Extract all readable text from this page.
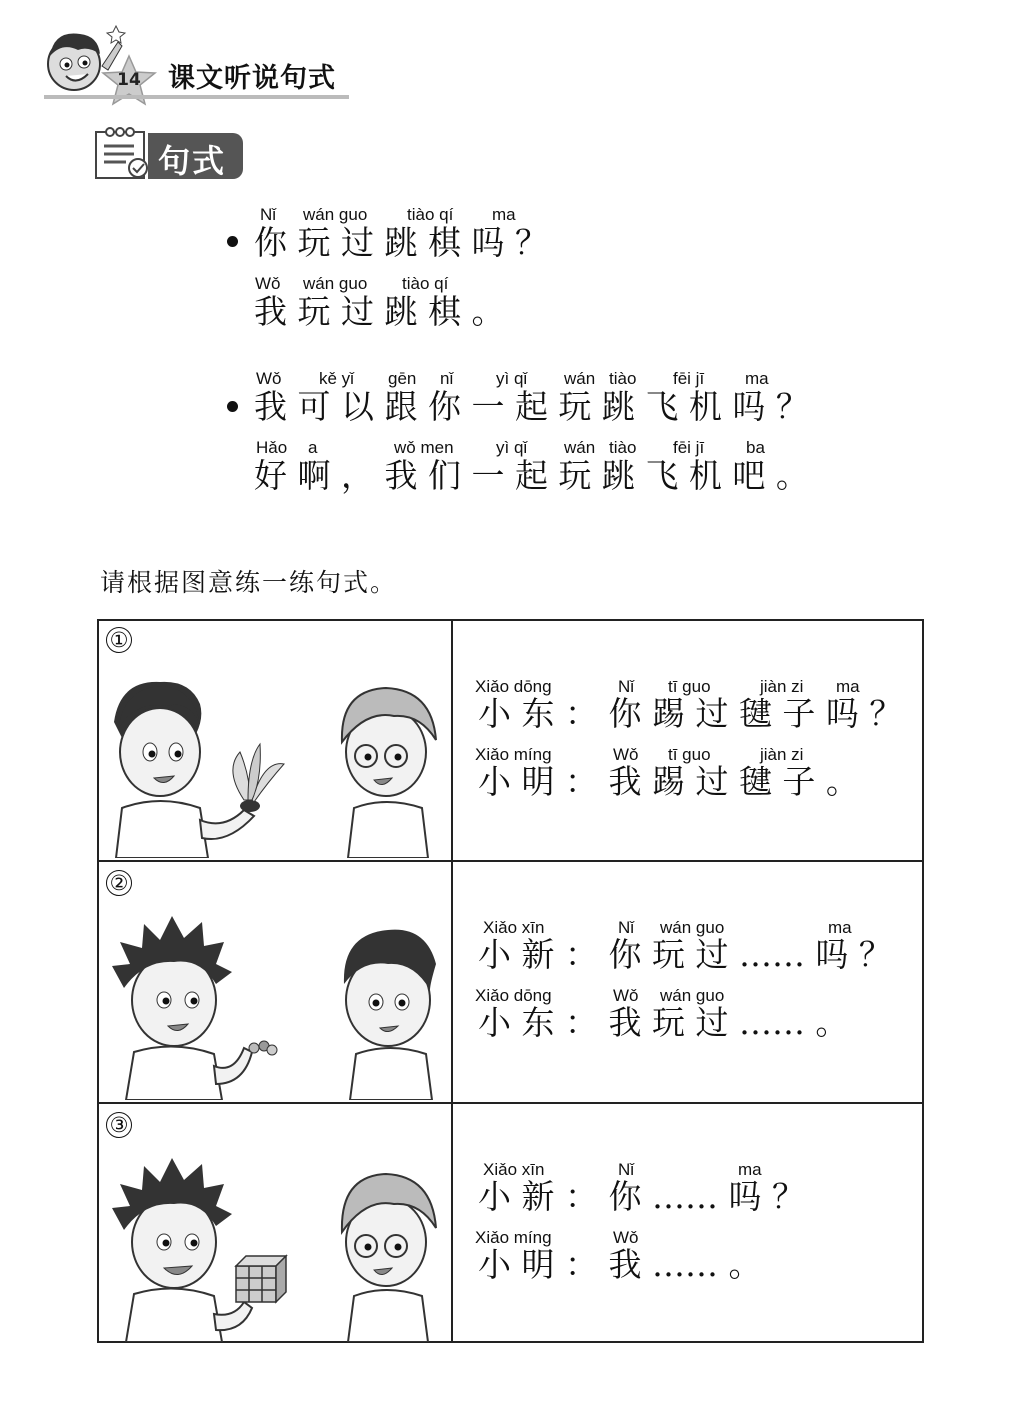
14 课文听说句式
句式
Nǐ wán guo tiào qí ma
你 玩 过 跳 棋 吗 ？
Wǒ wán guo tiào qí
我 玩 过 跳 棋 。
Wǒ kě yǐ gēn nǐ	yì qǐ wán tiào fēi jī ma
我 可 以 跟 你 一 起 玩 跳 飞 机 吗 ？
Hǎo a	wǒ men yì qǐ wán tiào fēi jī ba
好 啊 ， 我 们 一 起 玩 跳 飞 机 吧 。
请根据图意练一练句式。
①
Xiǎo dōng	Nǐ tī guo	jiàn zi ma
小 东 ： 你 踢 过 毽 子 吗 ？
Xiǎo míng	Wǒ tī guo	jiàn zi
小 明 ： 我 踢 过 毽 子 。
②
Xiǎo xīn	Nǐ wán guo	ma
小 新 ： 你 玩 过 …… 吗 ？
Xiǎo dōng	Wǒ wán guo
小 东 ： 我 玩 过 …… 。
③
Xiǎo xīn	Nǐ	ma
小 新 ： 你 …… 吗 ？
Xiǎo míng	Wǒ
小 明 ： 我 …… 。
